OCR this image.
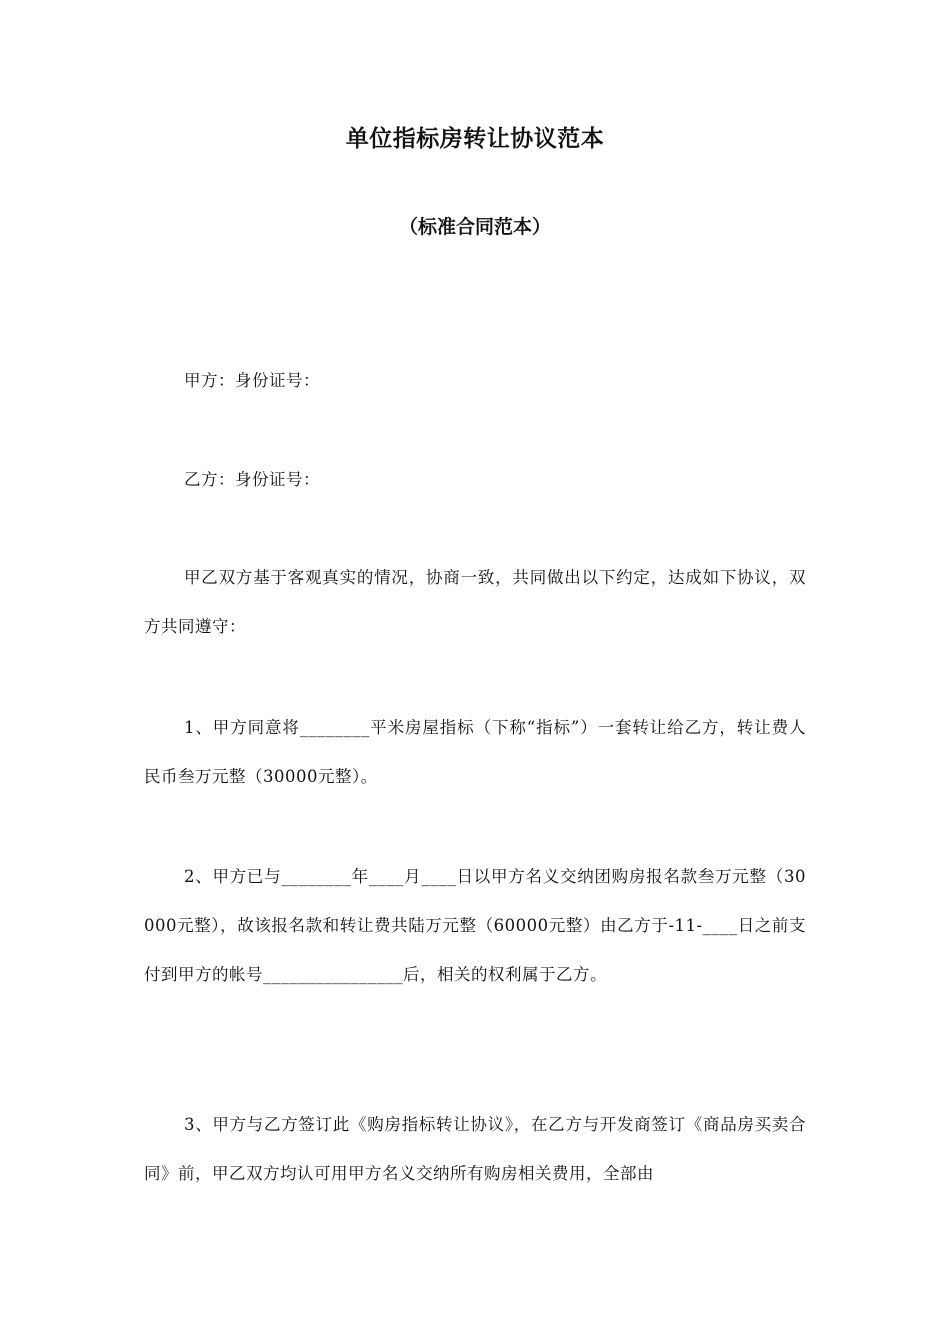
单位指标房转让协议范本
（标准合同范本）

甲方：身份证号：

乙方：身份证号：

甲乙双方基于客观真实的情况，协商一致，共同做出以下约定，达成如下协议，双方共同遵守：

1、甲方同意将________平米房屋指标（下称“指标”）一套转让给乙方，转让费人民币叁万元整（30000元整）。

2、甲方已与________年____月____日以甲方名义交纳团购房报名款叁万元整（30000元整），故该报名款和转让费共陆万元整（60000元整）由乙方于-11-____日之前支付到甲方的帐号________________后，相关的权利属于乙方。

3、甲方与乙方签订此《购房指标转让协议》，在乙方与开发商签订《商品房买卖合同》前，甲乙双方均认可用甲方名义交纳所有购房相关费用，全部由
